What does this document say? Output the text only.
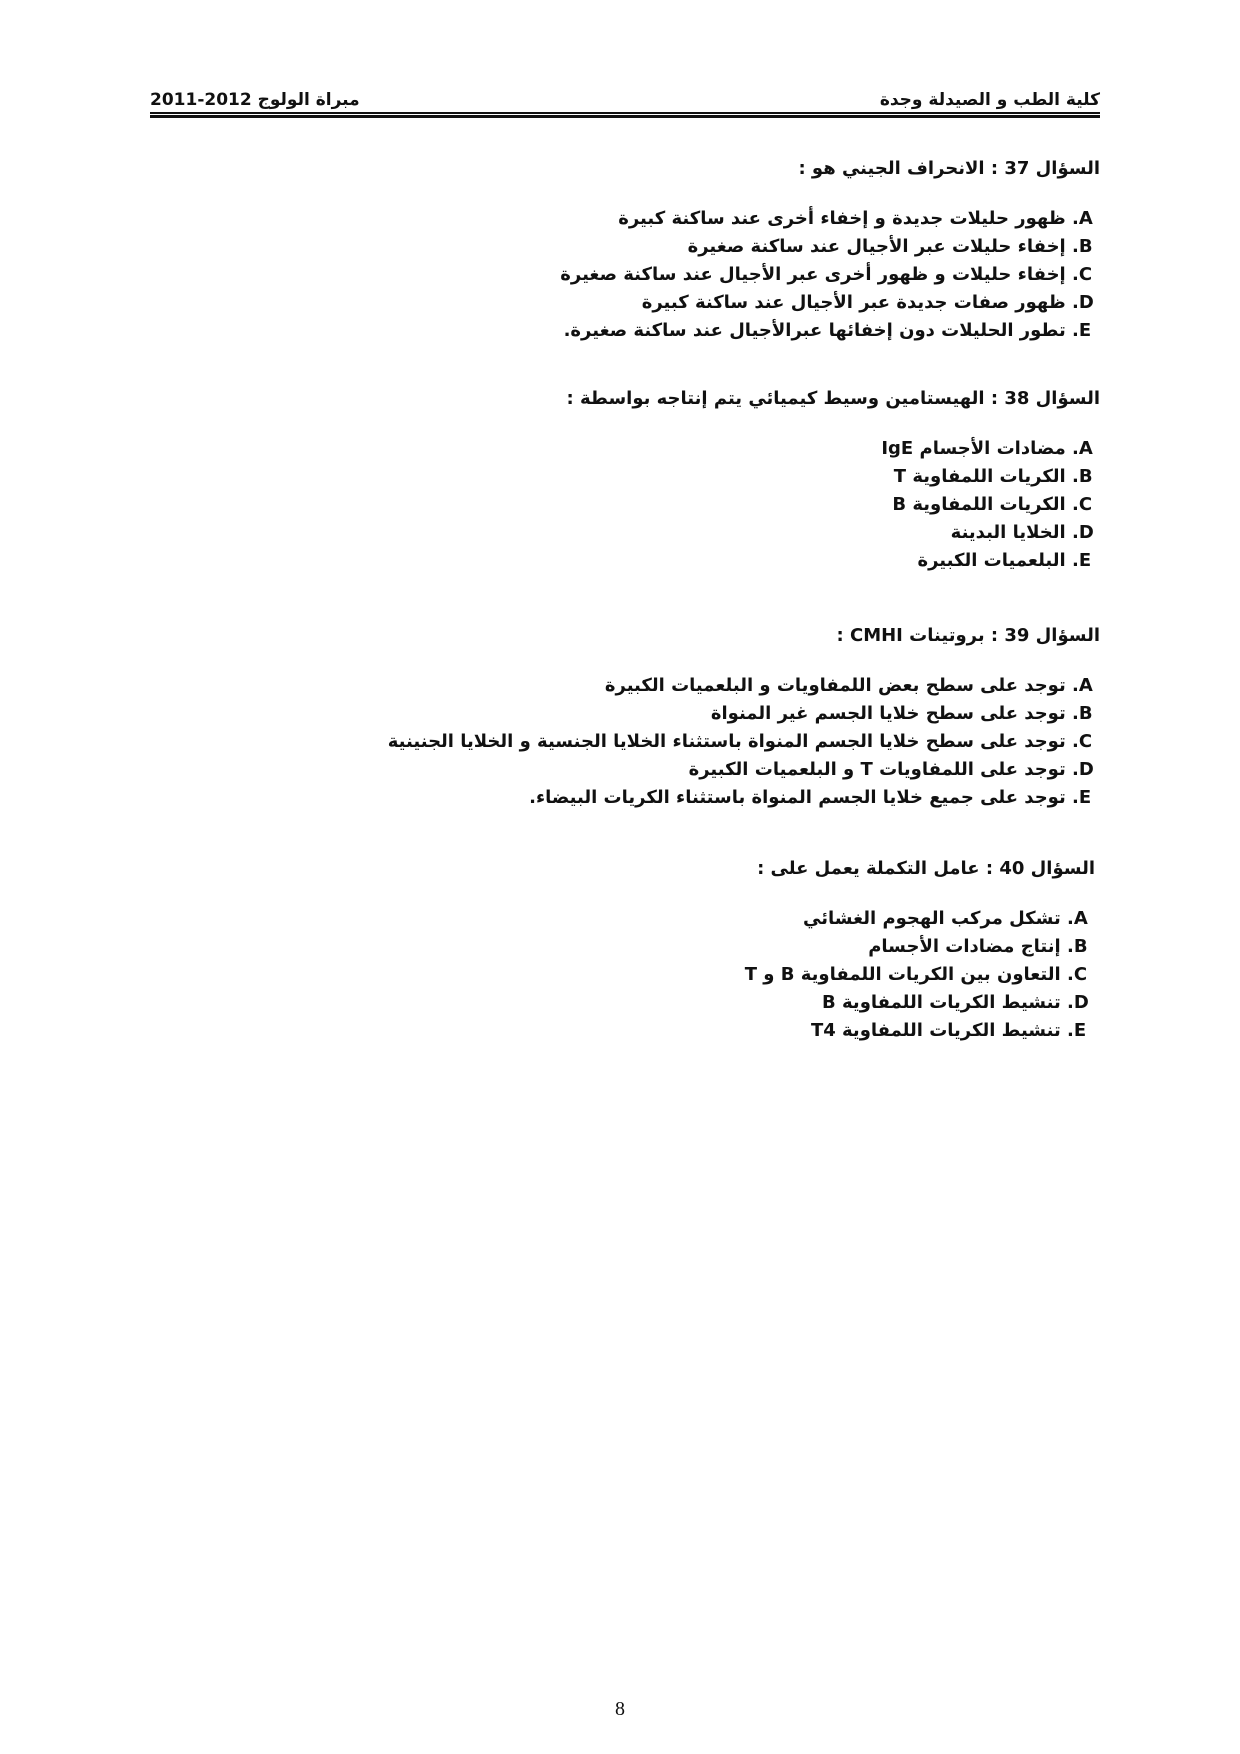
مبراة الولوج 2012-2011	كلية الطب و الصيدلة وجدة
السؤال 37 : الانحراف الجيني هو :
A. ظهور حليلات جديدة و إخفاء أخرى عند ساكنة كبيرة
B. إخفاء حليلات عبر الأجيال عند ساكنة صغيرة
C. إخفاء حليلات و ظهور أخرى عبر الأجيال عند ساكنة صغيرة
D. ظهور صفات جديدة عبر الأجيال عند ساكنة كبيرة
E. تطور الحليلات دون إخفائها عبرالأجيال عند ساكنة صغيرة.
السؤال 38 : الهيستامين وسيط كيميائي يتم إنتاجه بواسطة :
A. مضادات الأجسام IgE
B. الكريات اللمفاوية T
C. الكريات اللمفاوية B
D. الخلايا البدينة
E. البلعميات الكبيرة
السؤال 39 : بروتينات CMHI :
A. توجد على سطح بعض اللمفاويات و البلعميات الكبيرة
B. توجد على سطح خلايا الجسم غير المنواة
C. توجد على سطح خلايا الجسم المنواة باستثناء الخلايا الجنسية و الخلايا الجنينية
D. توجد على اللمفاويات T و البلعميات الكبيرة
E. توجد على جميع خلايا الجسم المنواة باستثناء الكريات البيضاء.
السؤال 40 : عامل التكملة يعمل على :
A. تشكل مركب الهجوم الغشائي
B. إنتاج مضادات الأجسام
C. التعاون بين الكريات اللمفاوية B و T
D. تنشيط الكريات اللمفاوية B
E. تنشيط الكريات اللمفاوية T4
8
